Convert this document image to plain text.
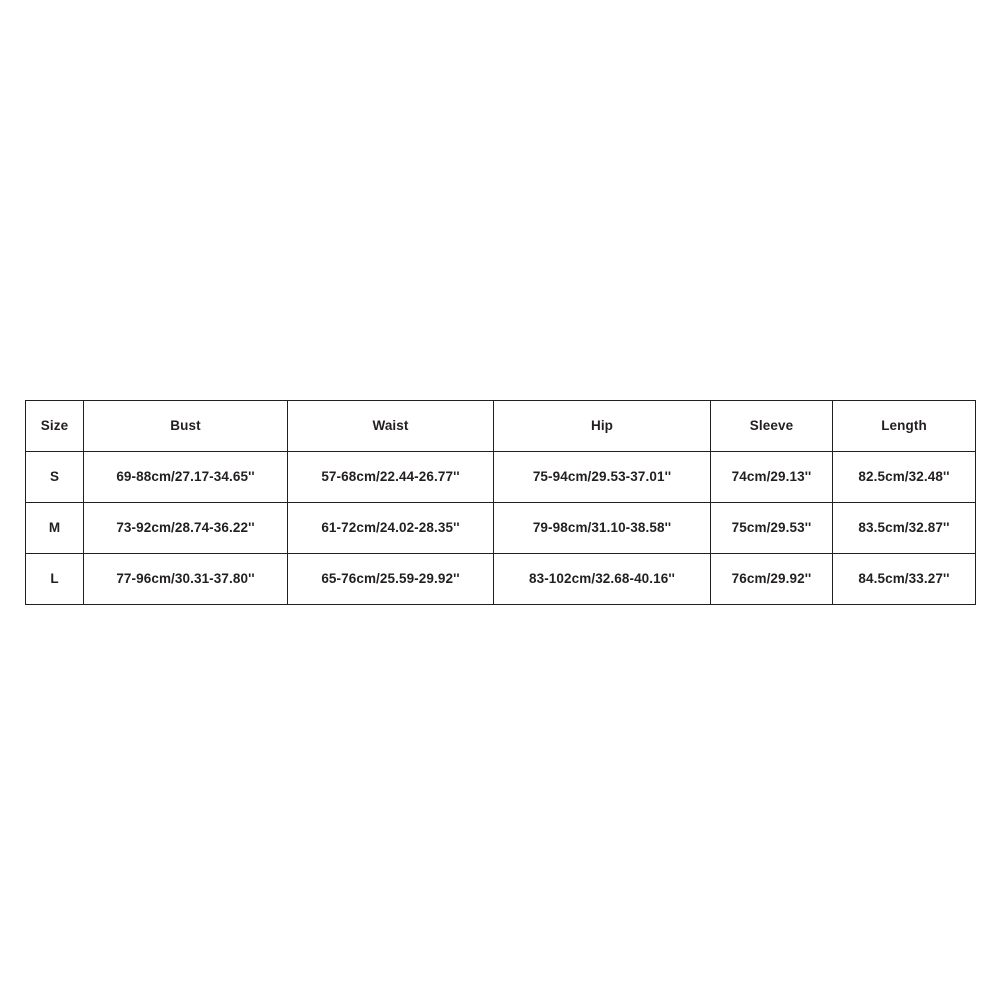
Size	Bust	Waist	Hip	Sleeve	Length
S	69-88cm/27.17-34.65''	57-68cm/22.44-26.77''	75-94cm/29.53-37.01''	74cm/29.13''	82.5cm/32.48''
M	73-92cm/28.74-36.22''	61-72cm/24.02-28.35''	79-98cm/31.10-38.58''	75cm/29.53''	83.5cm/32.87''
L	77-96cm/30.31-37.80''	65-76cm/25.59-29.92''	83-102cm/32.68-40.16''	76cm/29.92''	84.5cm/33.27''
